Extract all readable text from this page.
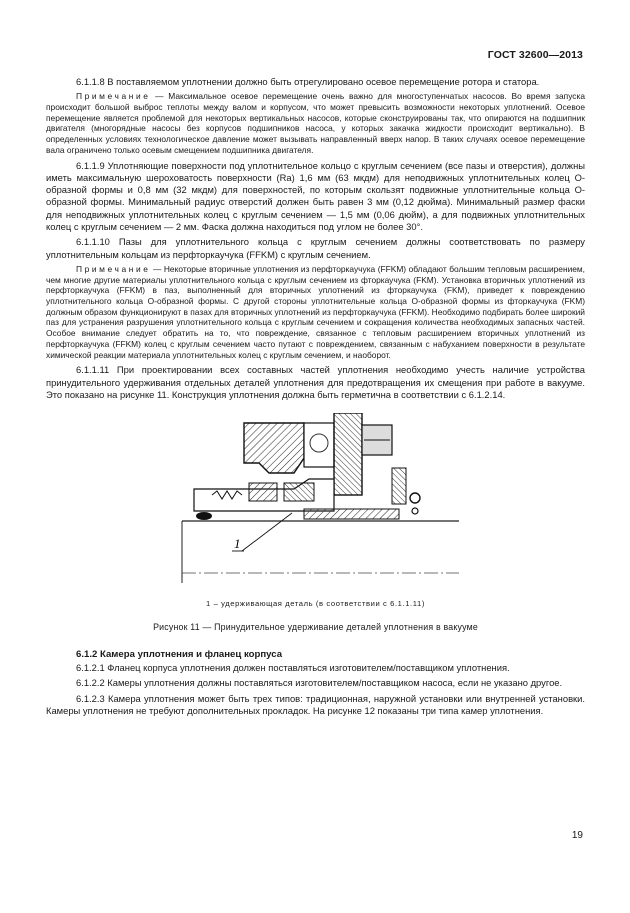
ГОСТ 32600—2013

6.1.1.8 В поставляемом уплотнении должно быть отрегулировано осевое перемещение ротора и статора.

Примечание — Максимальное осевое перемещение очень важно для многоступенчатых насосов. Во время запуска происходит большой выброс теплоты между валом и корпусом, что может превысить возможности некоторых уплотнений. Осевое перемещение является проблемой для некоторых вертикальных насосов, которые сконструированы так, что опираются на подшипник двигателя (многорядные насосы без корпусов подшипников насоса, у которых закачка жидкости происходит вертикально). В определенных условиях технологическое давление может вызывать направленный вверх напор. В таких случаях осевое перемещение вала ограничено только осевым смещением подшипника двигателя.

6.1.1.9 Уплотняющие поверхности под уплотнительное кольцо с круглым сечением (все пазы и отверстия), должны иметь максимальную шероховатость поверхности (Ra) 1,6 мм (63 мкдм) для неподвижных уплотнительных колец О-образной формы и 0,8 мм (32 мкдм) для поверхностей, по которым скользят подвижные уплотнительные кольца О-образной формы. Минимальный радиус отверстий должен быть равен 3 мм (0,12 дюйма). Минимальный размер фаски для неподвижных уплотнительных колец с круглым сечением — 1,5 мм (0,06 дюйм), а для подвижных уплотнительных колец с круглым сечением — 2 мм. Фаска должна находиться под углом не более 30°.

6.1.1.10 Пазы для уплотнительного кольца с круглым сечением должны соответствовать по размеру уплотнительным кольцам из перфторкаучука (FFKM) с круглым сечением.

Примечание — Некоторые вторичные уплотнения из перфторкаучука (FFKM) обладают большим тепловым расширением, чем многие другие материалы уплотнительного кольца с круглым сечением из фторкаучука (FKM). Установка вторичных уплотнений из перфторкаучука (FFKM) в паз, выполненный для вторичных уплотнений из фторкаучука (FKM), приведет к повреждению уплотнительного кольца О-образной формы. С другой стороны уплотнительные кольца О-образной формы из фторкаучука (FKM) должным образом функционируют в пазах для вторичных уплотнений из перфторкаучука (FFKM). Необходимо подбирать более широкий паз для устранения разрушения уплотнительного кольца с круглым сечением и сокращения количества необходимых запасных частей. Особое внимание следует обратить на то, что повреждение, связанное с тепловым расширением вторичных уплотнений из перфторкаучука (FFKM) колец с круглым сечением часто путают с повреждением, связанным с набуханием поверхности в результате химической реакции материала уплотнительных колец с круглым сечением, и наоборот.

6.1.1.11 При проектировании всех составных частей уплотнения необходимо учесть наличие устройства принудительного удерживания отдельных деталей уплотнения для предотвращения их смещения при работе в вакууме. Это показано на рисунке 11. Конструкция уплотнения должна быть герметична в соответствии с 6.1.2.14.

1
1 – удерживающая деталь (в соответствии с 6.1.1.11)
Рисунок 11 — Принудительное удерживание деталей уплотнения в вакууме

6.1.2 Камера уплотнения и фланец корпуса

6.1.2.1 Фланец корпуса уплотнения должен поставляться изготовителем/поставщиком уплотнения.

6.1.2.2 Камеры уплотнения должны поставляться изготовителем/поставщиком насоса, если не указано другое.

6.1.2.3 Камера уплотнения может быть трех типов: традиционная, наружной установки или внутренней установки. Камеры уплотнения не требуют дополнительных прокладок. На рисунке 12 показаны три типа камер уплотнения.

19
